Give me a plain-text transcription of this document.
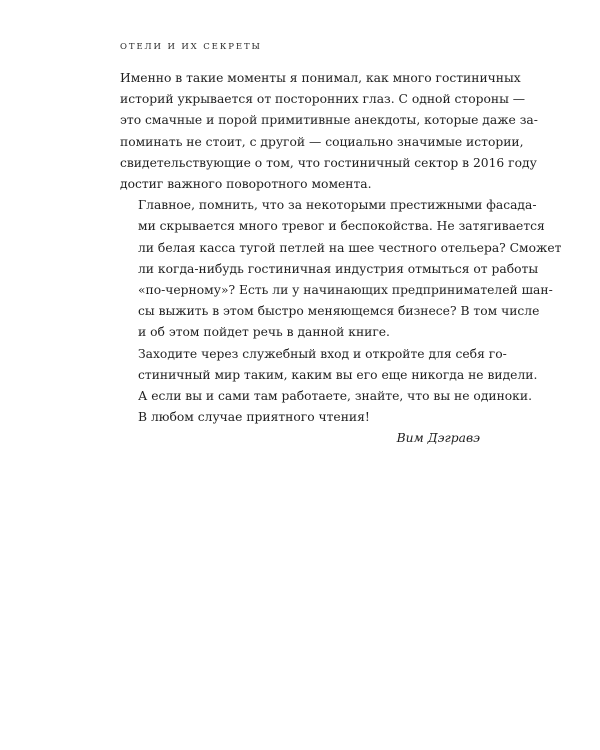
ОТЕЛИ И ИХ СЕКРЕТЫ

Именно в такие моменты я понимал, как много гостиничных
историй укрывается от посторонних глаз. С одной стороны —
это смачные и порой примитивные анекдоты, которые даже за-
поминать не стоит, с другой — социально значимые истории,
свидетельствующие о том, что гостиничный сектор в 2016 году
достиг важного поворотного момента.

Главное, помнить, что за некоторыми престижными фасада-
ми скрывается много тревог и беспокойства. Не затягивается
ли белая касса тугой петлей на шее честного отельера? Сможет
ли когда-нибудь гостиничная индустрия отмыться от работы
«по-черному»? Есть ли у начинающих предпринимателей шан-
сы выжить в этом быстро меняющемся бизнесе? В том числе
и об этом пойдет речь в данной книге.

Заходите через служебный вход и откройте для себя го-
стиничный мир таким, каким вы его еще никогда не видели.
А если вы и сами там работаете, знайте, что вы не одиноки.
В любом случае приятного чтения!

Вим Дэгравэ
